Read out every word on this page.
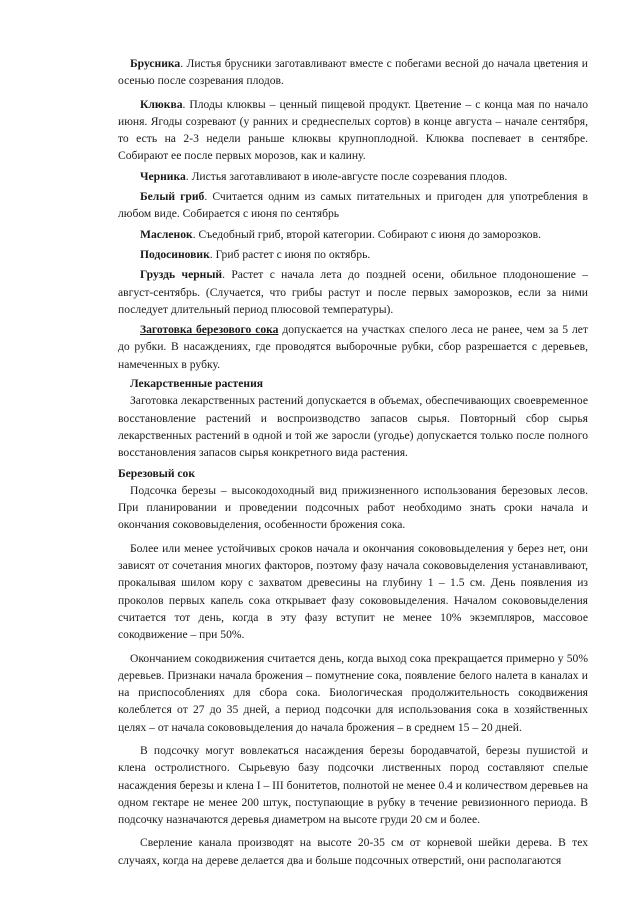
Брусника. Листья брусники заготавливают вместе с побегами весной до начала цветения и осенью после созревания плодов.

Клюква. Плоды клюквы – ценный пищевой продукт. Цветение – с конца мая по начало июня. Ягоды созревают (у ранних и среднеспелых сортов) в конце августа – начале сентября, то есть на 2-3 недели раньше клюквы крупноплодной. Клюква поспевает в сентябре. Собирают ее после первых морозов, как и калину.

Черника. Листья заготавливают в июле-августе после созревания плодов.

Белый гриб. Считается одним из самых питательных и пригоден для употребления в любом виде. Собирается с июня по сентябрь

Масленок. Съедобный гриб, второй категории. Собирают с июня до заморозков.

Подосиновик. Гриб растет с июня по октябрь.

Груздь черный. Растет с начала лета до поздней осени, обильное плодоношение – август-сентябрь. (Случается, что грибы растут и после первых заморозков, если за ними последует длительный период плюсовой температуры).

Заготовка березового сока допускается на участках спелого леса не ранее, чем за 5 лет до рубки. В насаждениях, где проводятся выборочные рубки, сбор разрешается с деревьев, намеченных в рубку.

Лекарственные растения

Заготовка лекарственных растений допускается в объемах, обеспечивающих своевременное восстановление растений и воспроизводство запасов сырья. Повторный сбор сырья лекарственных растений в одной и той же заросли (угодье) допускается только после полного восстановления запасов сырья конкретного вида растения.

Березовый сок

Подсочка березы – высокодоходный вид прижизненного использования березовых лесов. При планировании и проведении подсочных работ необходимо знать сроки начала и окончания сокововыделения, особенности брожения сока.

Более или менее устойчивых сроков начала и окончания сокововыделения у берез нет, они зависят от сочетания многих факторов, поэтому фазу начала сокововыделения устанавливают, прокалывая шилом кору с захватом древесины на глубину 1 – 1.5 см. День появления из проколов первых капель сока открывает фазу сокововыделения. Началом сокововыделения считается тот день, когда в эту фазу вступит не менее 10% экземпляров, массовое сокодвижение – при 50%.

Окончанием сокодвижения считается день, когда выход сока прекращается примерно у 50% деревьев. Признаки начала брожения – помутнение сока, появление белого налета в каналах и на приспособлениях для сбора сока. Биологическая продолжительность сокодвижения колеблется от 27 до 35 дней, а период подсочки для использования сока в хозяйственных целях – от начала сокововыделения до начала брожения – в среднем 15 – 20 дней.

В подсочку могут вовлекаться насаждения березы бородавчатой, березы пушистой и клена остролистного. Сырьевую базу подсочки лиственных пород составляют спелые насаждения березы и клена I – III бонитетов, полнотой не менее 0.4 и количеством деревьев на одном гектаре не менее 200 штук, поступающие в рубку в течение ревизионного периода. В подсочку назначаются деревья диаметром на высоте груди 20 см и более.

Сверление канала производят на высоте 20-35 см от корневой шейки дерева. В тех случаях, когда на дереве делается два и больше подсочных отверстий, они располагаются
